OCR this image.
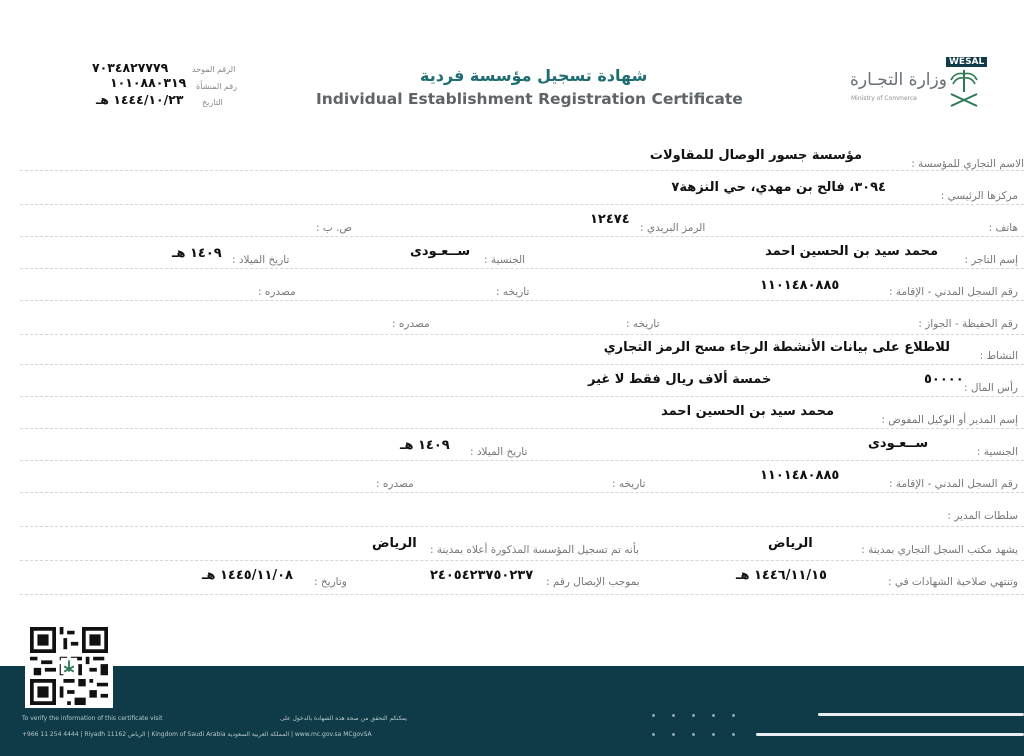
٧٠٣٤٨٢٧٧٧٩
١٠١٠٨٨٠٣١٩
١٤٤٤/١٠/٢٣ هـ
الرقم الموحد
رقم المنشأة
التاريخ
شهادة تسجيل مؤسسة فردية
Individual Establishment Registration Certificate
وزارة التجـارة
Ministry of Commerce
WESAL
الاسم التجاري للمؤسسة :
مؤسسة جسور الوصال للمقاولات
مركزها الرئيسي :
٣٠٩٤، فالح بن مهدي، حي النزهة٧
هاتف :
ص. ب :	الرمز البريدي :
١٢٤٧٤
إسم التاجر :
محمد سيد بن الحسين احمد
الجنسية :
ســعـودى
تاريخ الميلاد :
١٤٠٩ هـ
رقم السجل المدني - الإقامة :
١١٠١٤٨٠٨٨٥
تاريخه :
مصدره :
رقم الحفيظة - الجواز :
تاريخه :
مصدره :
النشاط :
للاطلاع على بيانات الأنشطة الرجاء مسح الرمز التجاري
رأس المال :
٥٠٠٠٠
خمسة ألاف ريال فقط لا غير
إسم المدير أو الوكيل المفوض :
محمد سيد بن الحسين احمد
الجنسية :
ســعـودى
تاريخ الميلاد :
١٤٠٩ هـ
رقم السجل المدني - الإقامة :
١١٠١٤٨٠٨٨٥
تاريخه :
مصدره :
سلطات المدير :
يشهد مكتب السجل التجاري بمدينة :
الرياض
بأنه تم تسجيل المؤسسة المذكورة أعلاه بمدينة :
الرياض
وتنتهي صلاحية الشهادات في :
١٤٤٦/١١/١٥ هـ
بموجب الإيصال رقم :
٢٤٠٥٤٢٣٧٥٠٢٣٧
وتاريخ :
١٤٤٥/١١/٠٨ هـ
To verify the information of this certificate visit	يمكنكم التحقق من صحة هذه الشهادة بالدخول على
+966 11 254 4444 | Riyadh 11162 الرياض | Kingdom of Saudi Arabia المملكة العربية السعودية | www.mc.gov.sa MCgovSA
